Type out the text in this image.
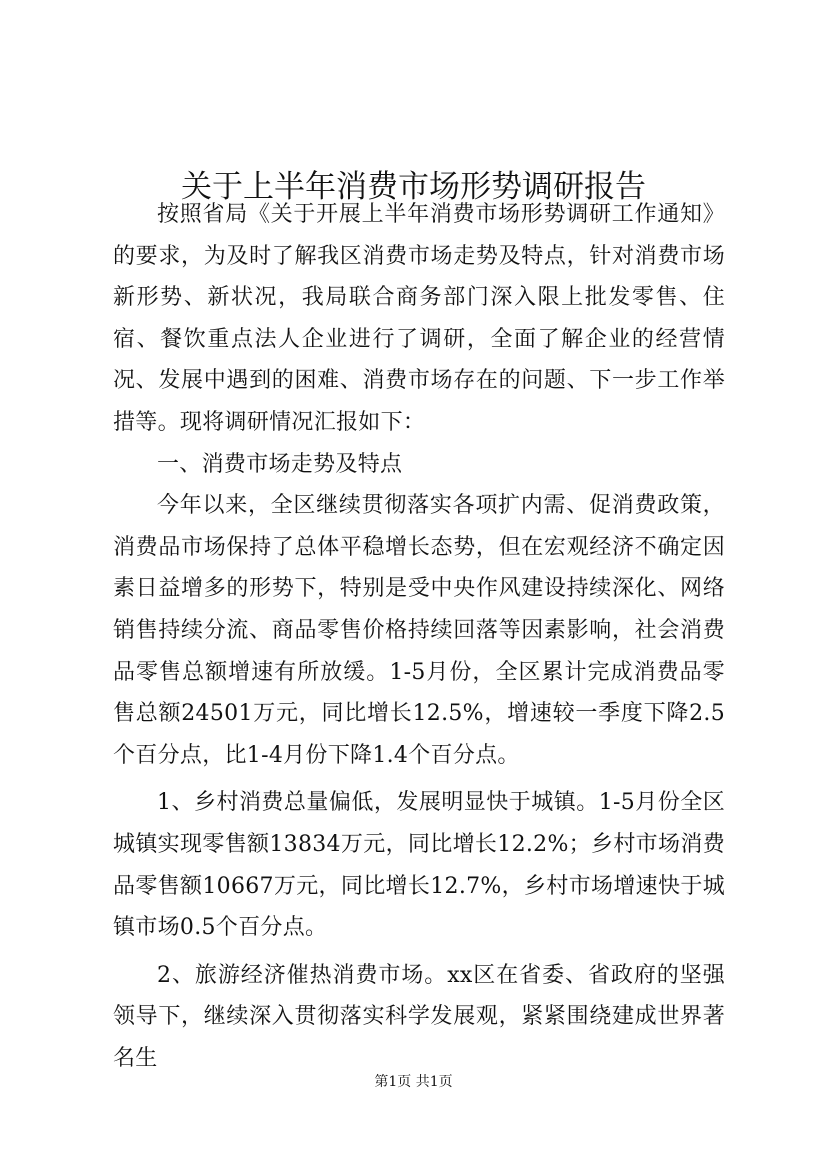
关于上半年消费市场形势调研报告

按照省局《关于开展上半年消费市场形势调研工作通知》的要求，为及时了解我区消费市场走势及特点，针对消费市场新形势、新状况，我局联合商务部门深入限上批发零售、住宿、餐饮重点法人企业进行了调研，全面了解企业的经营情况、发展中遇到的困难、消费市场存在的问题、下一步工作举措等。现将调研情况汇报如下：

一、消费市场走势及特点

今年以来，全区继续贯彻落实各项扩内需、促消费政策，消费品市场保持了总体平稳增长态势，但在宏观经济不确定因素日益增多的形势下，特别是受中央作风建设持续深化、网络销售持续分流、商品零售价格持续回落等因素影响，社会消费品零售总额增速有所放缓。1-5月份，全区累计完成消费品零售总额24501万元，同比增长12.5%，增速较一季度下降2.5个百分点，比1-4月份下降1.4个百分点。

1、乡村消费总量偏低，发展明显快于城镇。1-5月份全区城镇实现零售额13834万元，同比增长12.2%；乡村市场消费品零售额10667万元，同比增长12.7%，乡村市场增速快于城镇市场0.5个百分点。

2、旅游经济催热消费市场。xx区在省委、省政府的坚强领导下，继续深入贯彻落实科学发展观，紧紧围绕建成世界著名生

第1页 共1页
